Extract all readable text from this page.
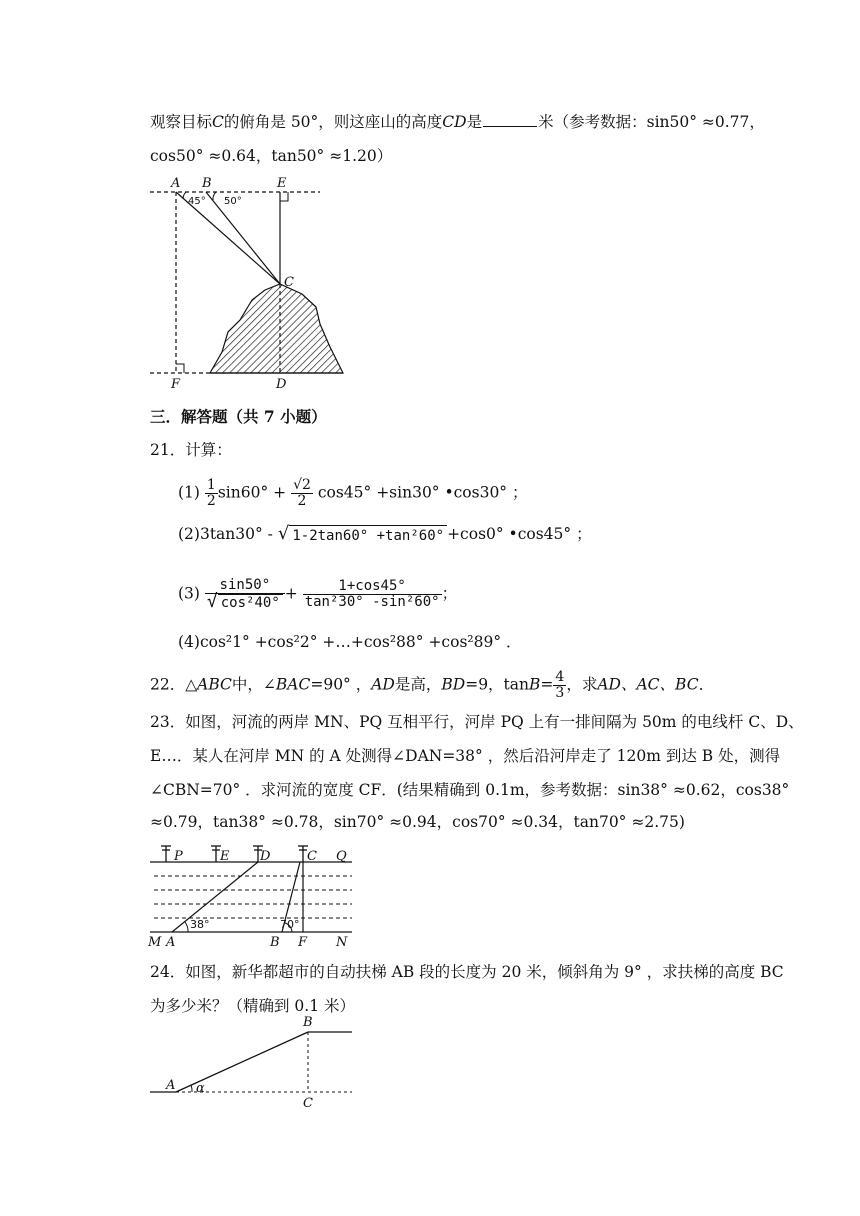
观察目标C的俯角是 50°，则这座山的高度CD是	米（参考数据：sin50° ≈0.77，
cos50° ≈0.64，tan50° ≈1.20）
A B	E
C
F	D
45° 50°
三．解答题（共 7 小题）
21．计算：
$(1) \frac{1}{2} \sin 60^\circ + \frac{√2}{2} \cos 45^\circ +\sin 30^\circ$ •cos30° ；
(2)3tan30° - √ 1-2tan60° +tan²60° +cos0° •cos45° ；
$(3) \frac{\sin 50^\circ}{\text{√ cos²40°}} + \frac{1+\cos 45^\circ}{\text{tan²30° -sin²60°}}$ ；
(4)cos²1° +cos²2° +…+cos²88° +cos²89° ．
22．△ABC中，∠BAC=90° ，AD是高，BD=9，$\tan B= \frac{4}{3}$ ，求AD、AC、BC．
23．如图，河流的两岸 MN、PQ 互相平行，河岸 PQ 上有一排间隔为 50m 的电线杆 C、D、
E…．某人在河岸 MN 的 A 处测得∠DAN=38° ，然后沿河岸走了 120m 到达 B 处，测得
∠CBN=70° ．求河流的宽度 CF．(结果精确到 0.1m，参考数据：sin38° ≈0.62，cos38°
≈0.79，tan38° ≈0.78，sin70° ≈0.94，cos70° ≈0.34，tan70° ≈2.75)
P	E D	C Q
M A	B F N
38°	70°
24．如图，新华都超市的自动扶梯 AB 段的长度为 20 米，倾斜角为 9° ，求扶梯的高度 BC
为多少米？（精确到 0.1 米）
A
B
C
α
